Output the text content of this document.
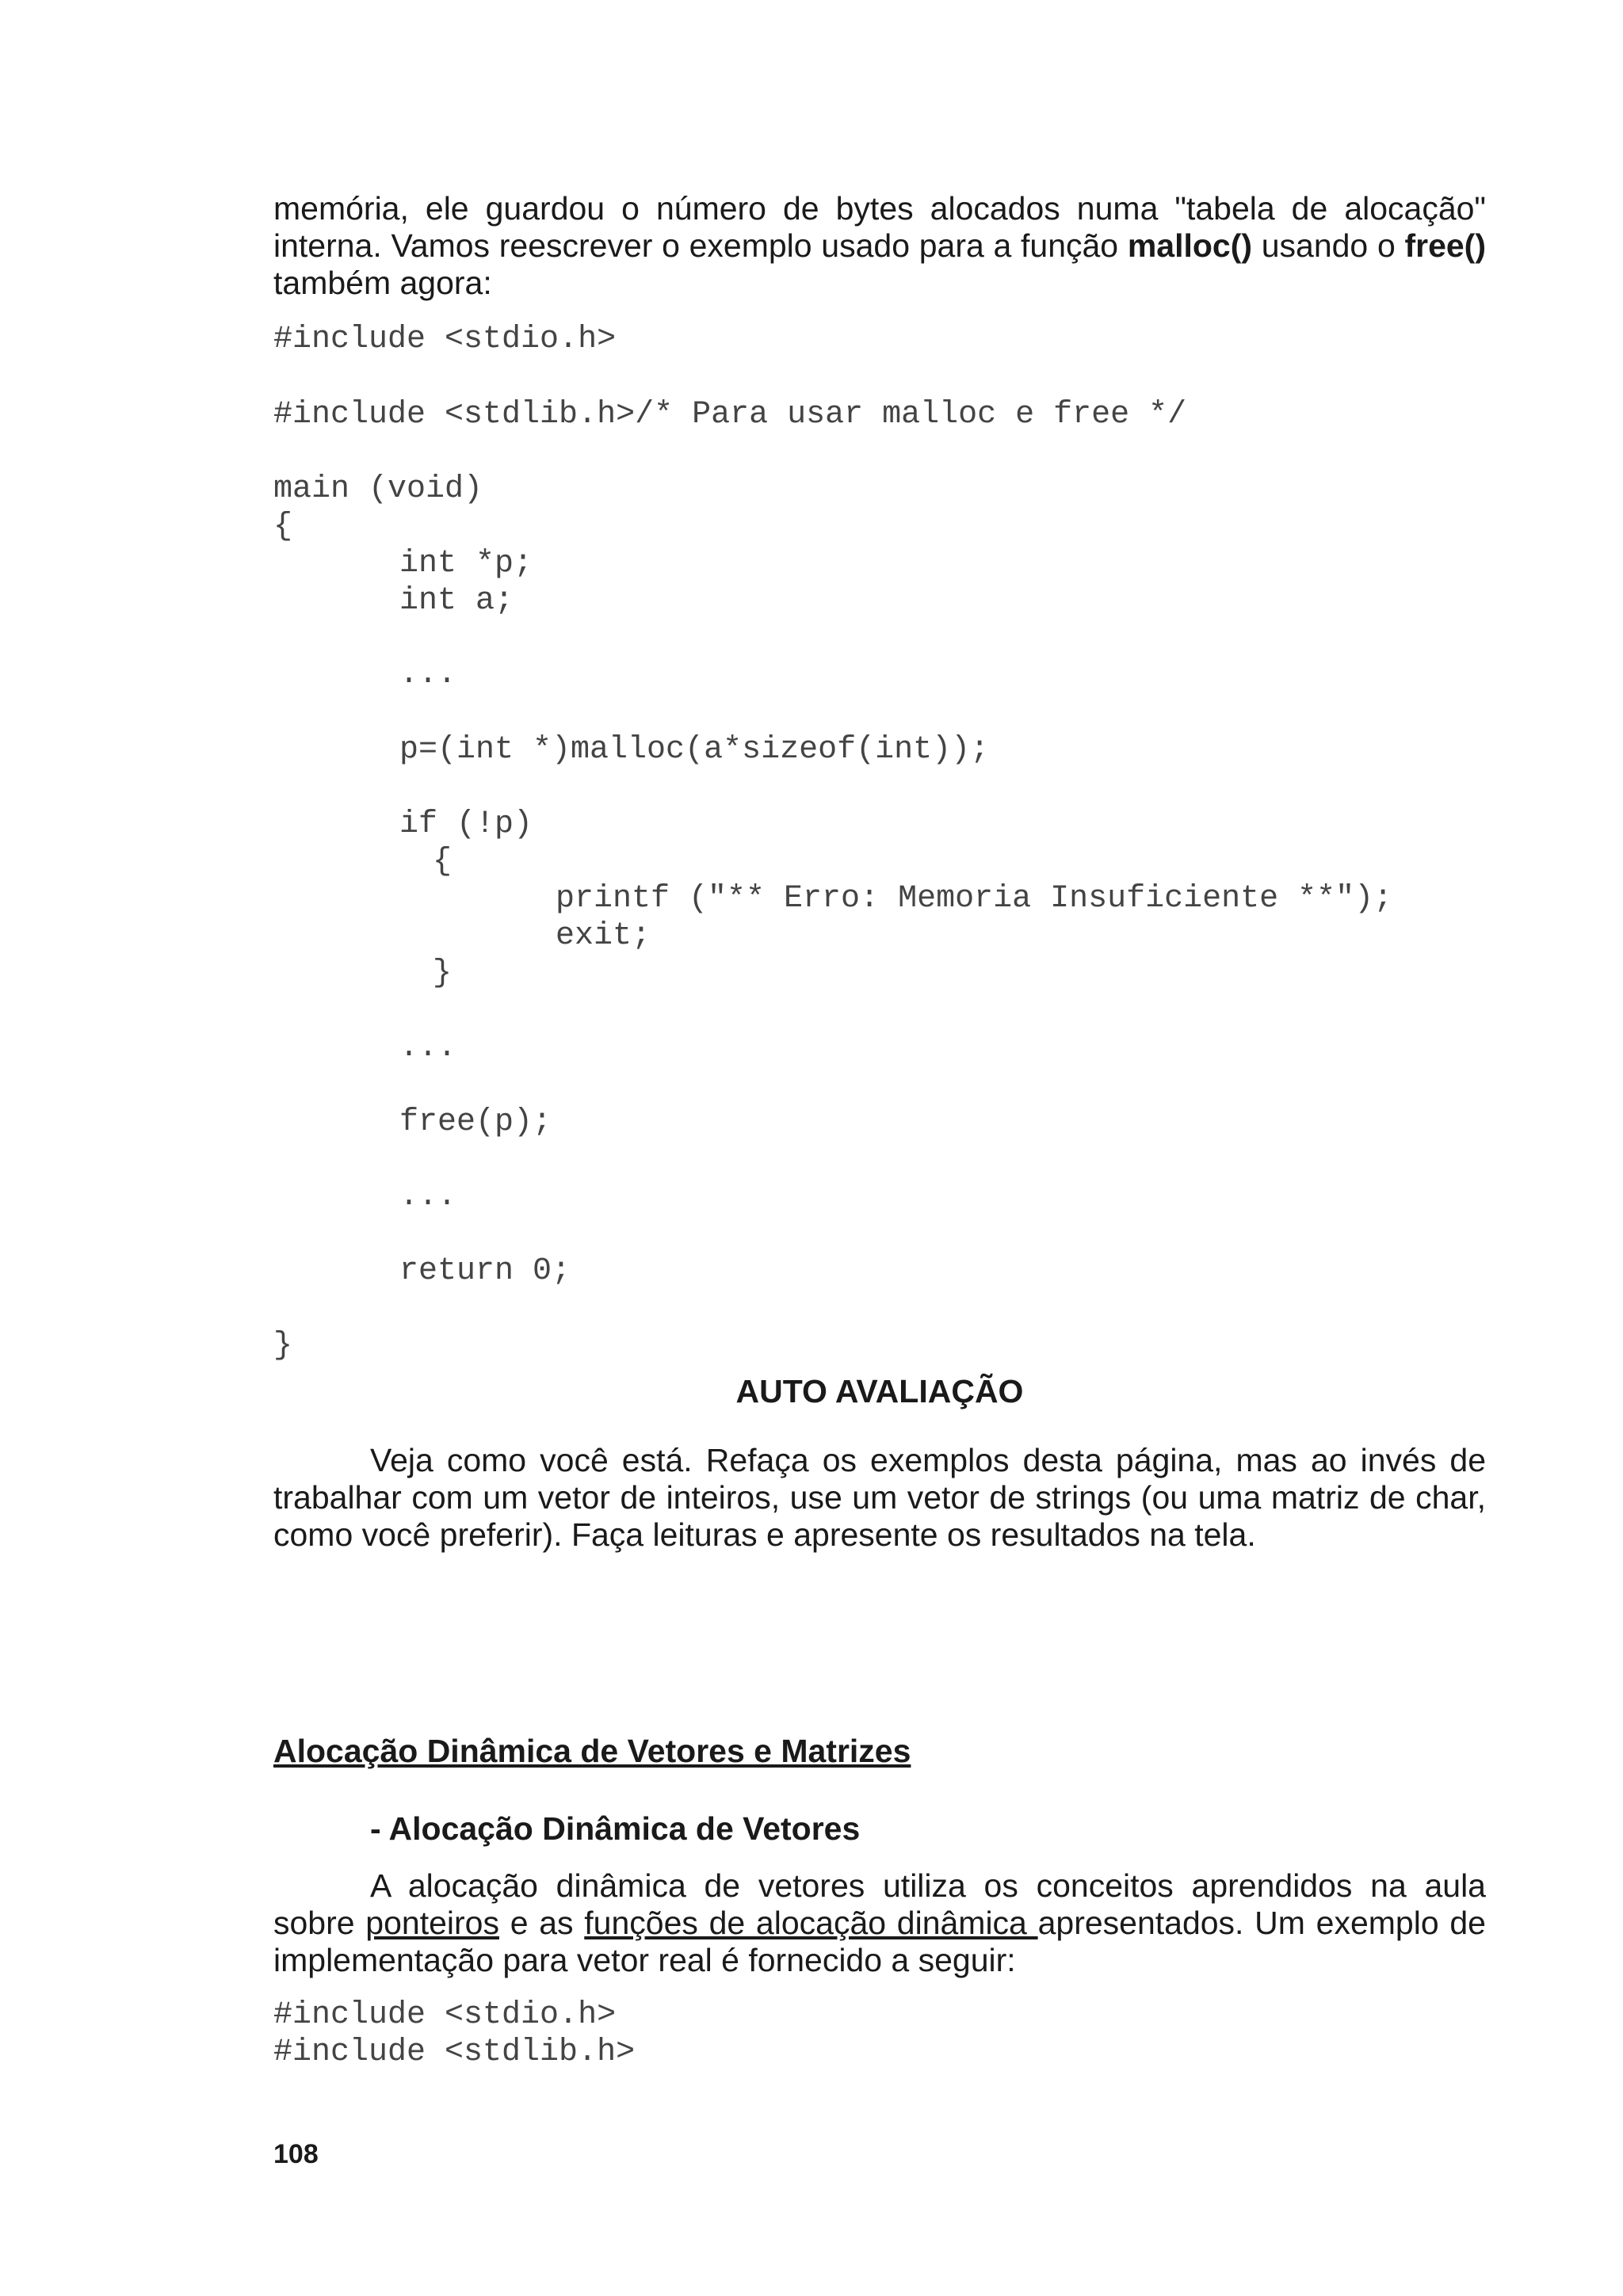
memória, ele guardou o número de bytes alocados numa "tabela de alocação" interna. Vamos reescrever o exemplo usado para a função malloc() usando o free() também agora:
#include <stdio.h>
#include <stdlib.h>/* Para usar malloc e free */
main (void)
{
int *p;
int a;
...
p=(int *)malloc(a*sizeof(int));
if (!p)
{
printf ("** Erro: Memoria Insuficiente **");
exit;
}
...
free(p);
...
return 0;
}
AUTO AVALIAÇÃO
Veja como você está. Refaça os exemplos desta página, mas ao invés de trabalhar com um vetor de inteiros, use um vetor de strings (ou uma matriz de char, como você preferir). Faça leituras e apresente os resultados na tela.
Alocação Dinâmica de Vetores e Matrizes
- Alocação Dinâmica de Vetores
A alocação dinâmica de vetores utiliza os conceitos aprendidos na aula sobre ponteiros e as funções de alocação dinâmica apresentados. Um exemplo de implementação para vetor real é fornecido a seguir:
#include <stdio.h>
#include <stdlib.h>
108
